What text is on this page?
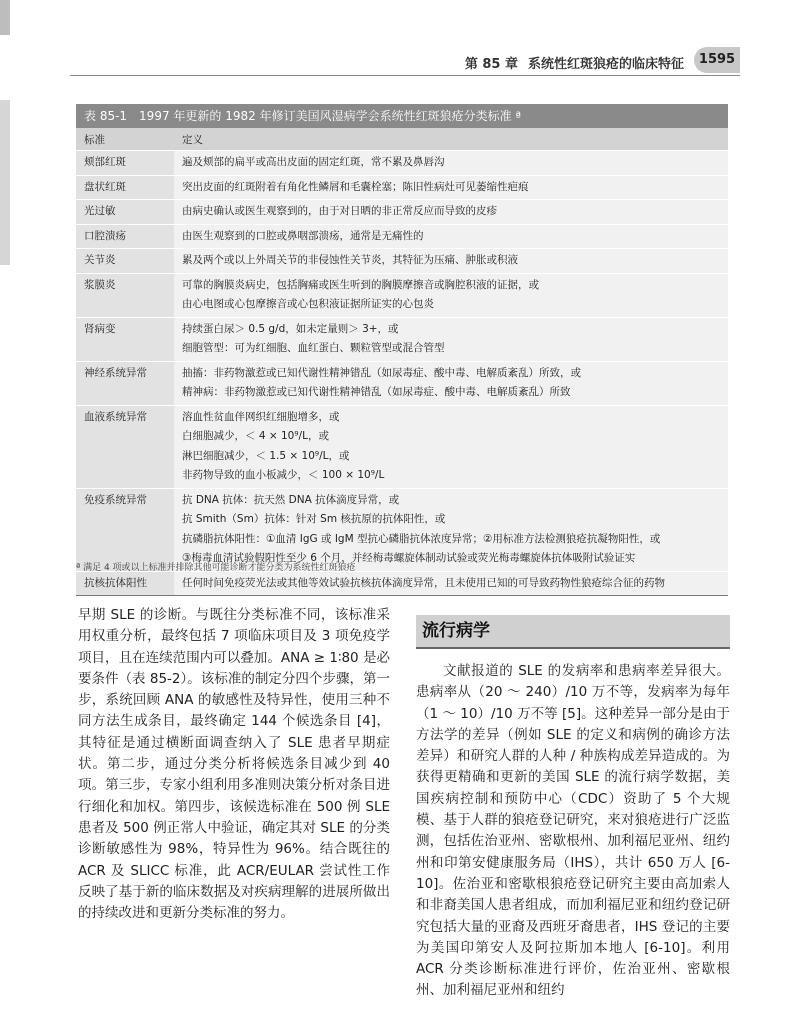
第 85 章 系统性红斑狼疮的临床特征	1595
表 85-1　1997 年更新的 1982 年修订美国风湿病学会系统性红斑狼疮分类标准 ª
标准	定义
颊部红斑	遍及颊部的扁平或高出皮面的固定红斑，常不累及鼻唇沟

盘状红斑	突出皮面的红斑附着有角化性鳞屑和毛囊栓塞；陈旧性病灶可见萎缩性疤痕

光过敏	由病史确认或医生观察到的，由于对日晒的非正常反应而导致的皮疹

口腔溃疡	由医生观察到的口腔或鼻咽部溃疡，通常是无痛性的

关节炎	累及两个或以上外周关节的非侵蚀性关节炎，其特征为压痛、肿胀或积液

浆膜炎	可靠的胸膜炎病史，包括胸痛或医生听到的胸膜摩擦音或胸腔积液的证据，或
由心电图或心包摩擦音或心包积液证据所证实的心包炎

肾病变	持续蛋白尿＞ 0.5 g/d，如未定量则＞ 3+，或
细胞管型：可为红细胞、血红蛋白、颗粒管型或混合管型

神经系统异常	抽搐：非药物激惹或已知代谢性精神错乱（如尿毒症、酸中毒、电解质紊乱）所致，或
精神病：非药物激惹或已知代谢性精神错乱（如尿毒症、酸中毒、电解质紊乱）所致

血液系统异常	溶血性贫血伴网织红细胞增多，或
白细胞减少，＜ 4 × 10⁹/L，或
淋巴细胞减少，＜ 1.5 × 10⁹/L，或
非药物导致的血小板减少，＜ 100 × 10⁹/L

免疫系统异常	抗 DNA 抗体：抗天然 DNA 抗体滴度异常，或
抗 Smith（Sm）抗体：针对 Sm 核抗原的抗体阳性，或
抗磷脂抗体阳性：①血清 IgG 或 IgM 型抗心磷脂抗体浓度异常；②用标准方法检测狼疮抗凝物阳性，或
③梅毒血清试验假阳性至少 6 个月，并经梅毒螺旋体制动试验或荧光梅毒螺旋体抗体吸附试验证实

抗核抗体阳性	任何时间免疫荧光法或其他等效试验抗核抗体滴度异常，且未使用已知的可导致药物性狼疮综合征的药物
ª 满足 4 项或以上标准并排除其他可能诊断才能分类为系统性红斑狼疮

早期 SLE 的诊断。与既往分类标准不同，该标准采用权重分析，最终包括 7 项临床项目及 3 项免疫学项目，且在连续范围内可以叠加。ANA ≥ 1∶80 是必要条件（表 85-2）。该标准的制定分四个步骤，第一步，系统回顾 ANA 的敏感性及特异性，使用三种不同方法生成条目，最终确定 144 个候选条目 [4]，其特征是通过横断面调查纳入了 SLE 患者早期症状。第二步，通过分类分析将候选条目减少到 40 项。第三步，专家小组利用多准则决策分析对条目进行细化和加权。第四步，该候选标准在 500 例 SLE 患者及 500 例正常人中验证，确定其对 SLE 的分类诊断敏感性为 98%，特异性为 96%。结合既往的 ACR 及 SLICC 标准，此 ACR/EULAR 尝试性工作反映了基于新的临床数据及对疾病理解的进展所做出的持续改进和更新分类标准的努力。

流行病学

文献报道的 SLE 的发病率和患病率差异很大。患病率从（20 ～ 240）/10 万不等，发病率为每年（1 ～ 10）/10 万不等 [5]。这种差异一部分是由于方法学的差异（例如 SLE 的定义和病例的确诊方法差异）和研究人群的人种 / 种族构成差异造成的。为获得更精确和更新的美国 SLE 的流行病学数据，美国疾病控制和预防中心（CDC）资助了 5 个大规模、基于人群的狼疮登记研究，来对狼疮进行广泛监测，包括佐治亚州、密歇根州、加利福尼亚州、纽约州和印第安健康服务局（IHS），共计 650 万人 [6-10]。佐治亚和密歇根狼疮登记研究主要由高加索人和非裔美国人患者组成，而加利福尼亚和纽约登记研究包括大量的亚裔及西班牙裔患者，IHS 登记的主要为美国印第安人及阿拉斯加本地人 [6-10]。利用 ACR 分类诊断标准进行评价，佐治亚州、密歇根州、加利福尼亚州和纽约
